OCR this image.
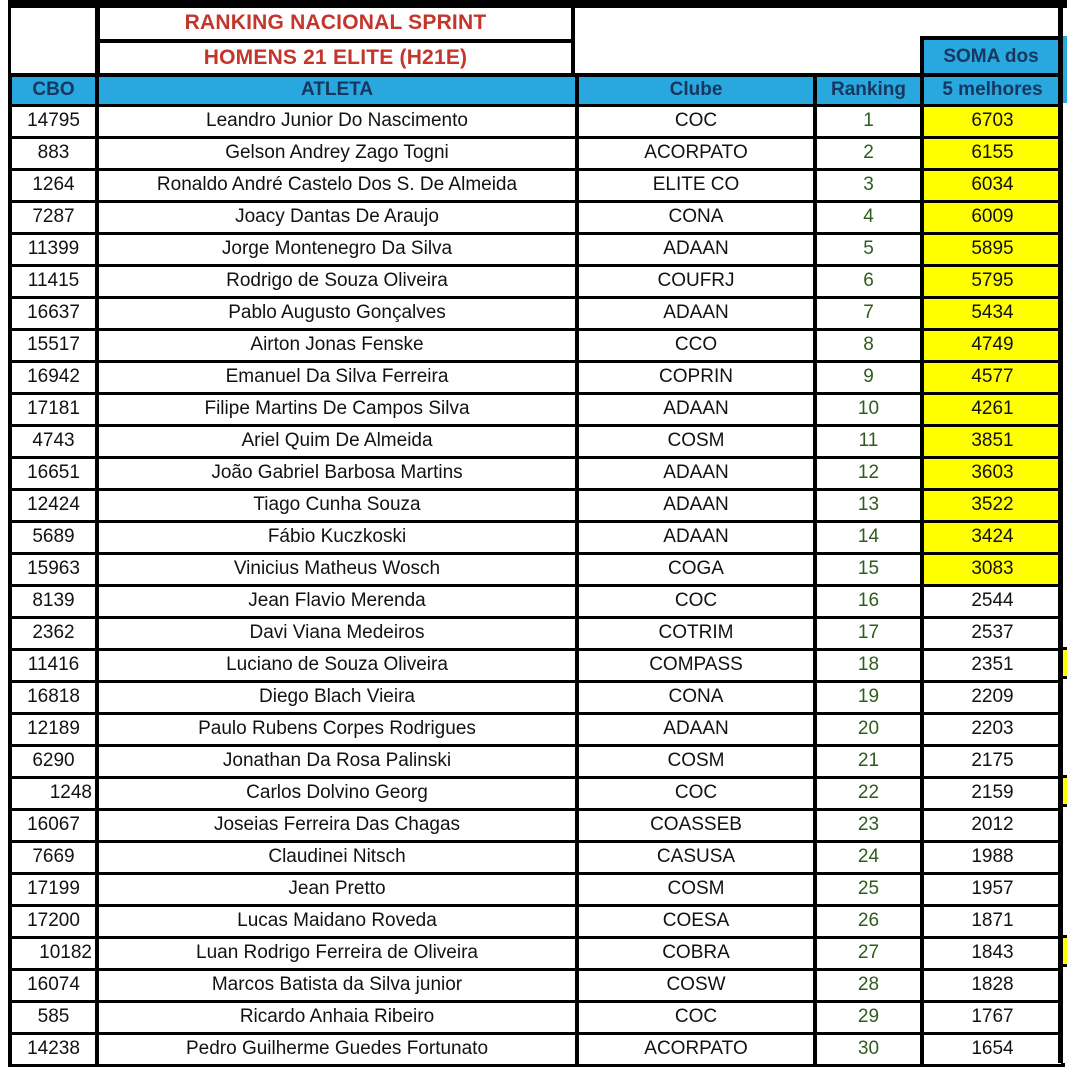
RANKING NACIONAL SPRINT
HOMENS 21 ELITE (H21E)	SOMA dos
CBO	ATLETA	Clube	Ranking	5 melhores
14795	Leandro Junior Do Nascimento	COC	1	6703
883	Gelson Andrey Zago Togni	ACORPATO	2	6155
1264	Ronaldo André Castelo Dos S. De Almeida	ELITE CO	3	6034
7287	Joacy Dantas De Araujo	CONA	4	6009
11399	Jorge Montenegro Da Silva	ADAAN	5	5895
11415	Rodrigo de Souza Oliveira	COUFRJ	6	5795
16637	Pablo Augusto Gonçalves	ADAAN	7	5434
15517	Airton Jonas Fenske	CCO	8	4749
16942	Emanuel Da Silva Ferreira	COPRIN	9	4577
17181	Filipe Martins De Campos Silva	ADAAN	10	4261
4743	Ariel Quim De Almeida	COSM	11	3851
16651	João Gabriel Barbosa Martins	ADAAN	12	3603
12424	Tiago Cunha Souza	ADAAN	13	3522
5689	Fábio Kuczkoski	ADAAN	14	3424
15963	Vinicius Matheus Wosch	COGA	15	3083
8139	Jean Flavio Merenda	COC	16	2544
2362	Davi Viana Medeiros	COTRIM	17	2537
11416	Luciano de Souza Oliveira	COMPASS	18	2351
16818	Diego Blach Vieira	CONA	19	2209
12189	Paulo Rubens Corpes Rodrigues	ADAAN	20	2203
6290	Jonathan Da Rosa Palinski	COSM	21	2175
1248	Carlos Dolvino Georg	COC	22	2159
16067	Joseias Ferreira Das Chagas	COASSEB	23	2012
7669	Claudinei Nitsch	CASUSA	24	1988
17199	Jean Pretto	COSM	25	1957
17200	Lucas Maidano Roveda	COESA	26	1871
10182	Luan Rodrigo Ferreira de Oliveira	COBRA	27	1843
16074	Marcos Batista da Silva junior	COSW	28	1828
585	Ricardo Anhaia Ribeiro	COC	29	1767
14238	Pedro Guilherme Guedes Fortunato	ACORPATO	30	1654
